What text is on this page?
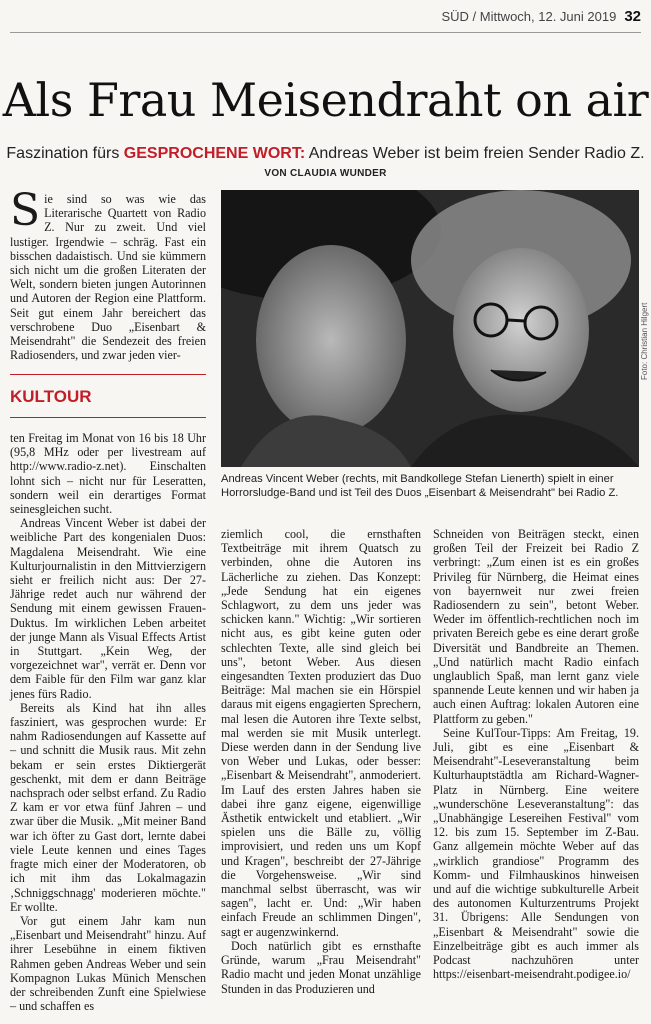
SÜD / Mittwoch, 12. Juni 2019 32
Als Frau Meisendraht on air
Faszination fürs GESPROCHENE WORT: Andreas Weber ist beim freien Sender Radio Z. VON CLAUDIA WUNDER

Sie sind so was wie das Literarische Quartett von Radio Z. Nur zu zweit. Und viel lustiger. Irgendwie – schräg. Fast ein bisschen dadaistisch. Und sie kümmern sich nicht um die großen Literaten der Welt, sondern bieten jungen Autorinnen und Autoren der Region eine Plattform. Seit gut einem Jahr bereichert das verschrobene Duo „Eisenbart & Meisendraht" die Sendezeit des freien Radiosenders, und zwar jeden vier-

KULTOUR

ten Freitag im Monat von 16 bis 18 Uhr (95,8 MHz oder per livestream auf http://www.radio-z.net). Einschalten lohnt sich – nicht nur für Leseratten, sondern weil ein derartiges Format seinesgleichen sucht.

Andreas Vincent Weber ist dabei der weibliche Part des kongenialen Duos: Magdalena Meisendraht. Wie eine Kulturjournalistin in den Mittvierzigern sieht er freilich nicht aus: Der 27-Jährige redet auch nur während der Sendung mit einem gewissen Frauen-Duktus. Im wirklichen Leben arbeitet der junge Mann als Visual Effects Artist in Stuttgart. „Kein Weg, der vorgezeichnet war", verrät er. Denn vor dem Faible für den Film war ganz klar jenes fürs Radio.

Bereits als Kind hat ihn alles fasziniert, was gesprochen wurde: Er nahm Radiosendungen auf Kassette auf – und schnitt die Musik raus. Mit zehn bekam er sein erstes Diktiergerät geschenkt, mit dem er dann Beiträge nachsprach oder selbst erfand. Zu Radio Z kam er vor etwa fünf Jahren – und zwar über die Musik. „Mit meiner Band war ich öfter zu Gast dort, lernte dabei viele Leute kennen und eines Tages fragte mich einer der Moderatoren, ob ich mit ihm das Lokalmagazin ‚Schniggschnagg' moderieren möchte." Er wollte.

Vor gut einem Jahr kam nun „Eisenbart und Meisendraht" hinzu. Auf ihrer Lesebühne in einem fiktiven Rahmen geben Andreas Weber und sein Kompagnon Lukas Münich Menschen der schreibenden Zunft eine Spielwiese – und schaffen es

Foto: Christian Hilgert
Andreas Vincent Weber (rechts, mit Bandkollege Stefan Lienerth) spielt in einer Horrorsludge-Band und ist Teil des Duos „Eisenbart & Meisendraht" bei Radio Z.

ziemlich cool, die ernsthaften Textbeiträge mit ihrem Quatsch zu verbinden, ohne die Autoren ins Lächerliche zu ziehen. Das Konzept: „Jede Sendung hat ein eigenes Schlagwort, zu dem uns jeder was schicken kann." Wichtig: „Wir sortieren nicht aus, es gibt keine guten oder schlechten Texte, alle sind gleich bei uns", betont Weber. Aus diesen eingesandten Texten produziert das Duo Beiträge: Mal machen sie ein Hörspiel daraus mit eigens engagierten Sprechern, mal lesen die Autoren ihre Texte selbst, mal werden sie mit Musik unterlegt. Diese werden dann in der Sendung live von Weber und Lukas, oder besser: „Eisenbart & Meisendraht", anmoderiert. Im Lauf des ersten Jahres haben sie dabei ihre ganz eigene, eigenwillige Ästhetik entwickelt und etabliert. „Wir spielen uns die Bälle zu, völlig improvisiert, und reden uns um Kopf und Kragen", beschreibt der 27-Jährige die Vorgehensweise. „Wir sind manchmal selbst überrascht, was wir sagen", lacht er. Und: „Wir haben einfach Freude an schlimmen Dingen", sagt er augenzwinkernd.

Doch natürlich gibt es ernsthafte Gründe, warum „Frau Meisendraht" Radio macht und jeden Monat unzählige Stunden in das Produzieren und

Schneiden von Beiträgen steckt, einen großen Teil der Freizeit bei Radio Z verbringt: „Zum einen ist es ein großes Privileg für Nürnberg, die Heimat eines von bayernweit nur zwei freien Radiosendern zu sein", betont Weber. Weder im öffentlich-rechtlichen noch im privaten Bereich gebe es eine derart große Diversität und Bandbreite an Themen. „Und natürlich macht Radio einfach unglaublich Spaß, man lernt ganz viele spannende Leute kennen und wir haben ja auch einen Auftrag: lokalen Autoren eine Plattform zu geben."

Seine KulTour-Tipps: Am Freitag, 19. Juli, gibt es eine „Eisenbart & Meisendraht"-Leseveranstaltung beim Kulturhauptstädtla am Richard-Wagner-Platz in Nürnberg. Eine weitere „wunderschöne Leseveranstaltung": das „Unabhängige Lesereihen Festival" vom 12. bis zum 15. September im Z-Bau. Ganz allgemein möchte Weber auf das „wirklich grandiose" Programm des Komm- und Filmhauskinos hinweisen und auf die wichtige subkulturelle Arbeit des autonomen Kulturzentrums Projekt 31. Übrigens: Alle Sendungen von „Eisenbart & Meisendraht" sowie die Einzelbeiträge gibt es auch immer als Podcast nachzuhören unter https://eisenbart-meisendraht.podigee.io/
